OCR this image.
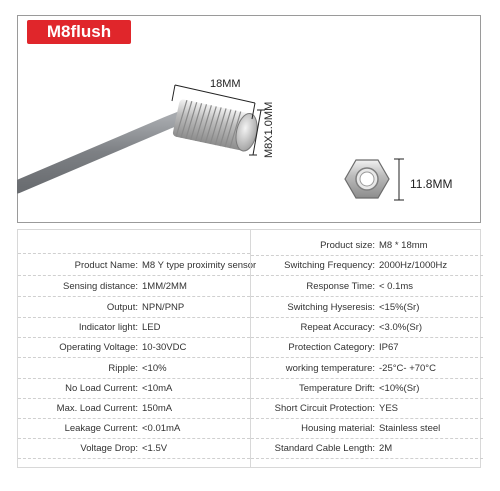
M8flush
18MM
M8X1.0MM
11.8MM
Product Name: M8 Y type proximity sensor
Sensing distance: 1MM/2MM
Output: NPN/PNP
Indicator light: LED
Operating Voltage: 10-30VDC
Ripple: <10%
No Load Current: <10mA
Max. Load Current: 150mA
Leakage Current: <0.01mA
Voltage Drop: <1.5V
Product size: M8 * 18mm
Switching Frequency: 2000Hz/1000Hz
Response Time: < 0.1ms
Switching Hyseresis: <15%(Sr)
Repeat Accuracy: <3.0%(Sr)
Protection Category: IP67
working temperature: -25°C- +70°C
Temperature Drift: <10%(Sr)
Short Circuit Protection: YES
Housing material: Stainless steel
Standard Cable Length: 2M
